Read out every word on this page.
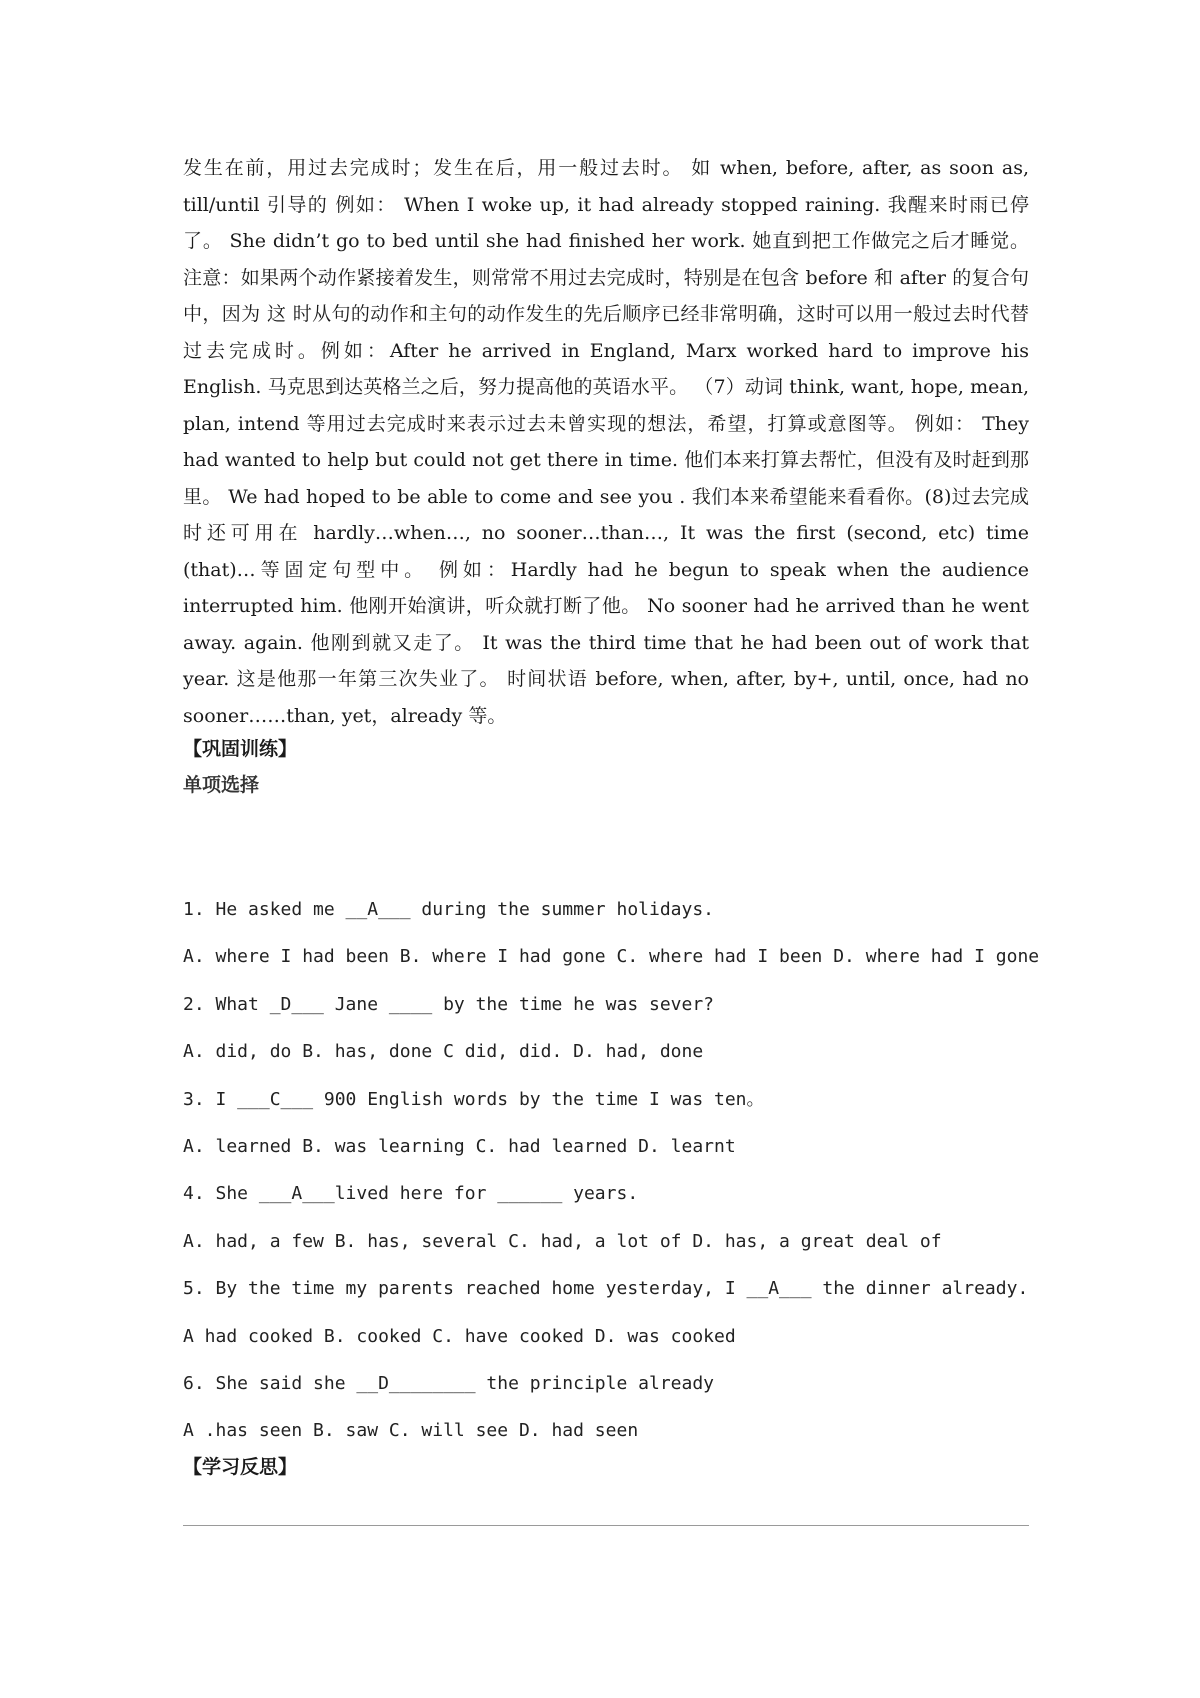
发生在前，用过去完成时；发生在后，用一般过去时。 如 when, before, after, as soon as, till/until 引导的 例如： When I woke up, it had already stopped raining. 我醒来时雨已停了。 She didn’t go to bed until she had finished her work. 她直到把工作做完之后才睡觉。 注意：如果两个动作紧接着发生，则常常不用过去完成时，特别是在包含 before 和 after 的复合句中，因为 这 时从句的动作和主句的动作发生的先后顺序已经非常明确，这时可以用一般过去时代替过去完成时。例如：After he arrived in England, Marx worked hard to improve his English. 马克思到达英格兰之后，努力提高他的英语水平。 （7）动词 think, want, hope, mean, plan, intend 等用过去完成时来表示过去未曾实现的想法，希望，打算或意图等。 例如： They had wanted to help but could not get there in time. 他们本来打算去帮忙，但没有及时赶到那里。 We had hoped to be able to come and see you . 我们本来希望能来看看你。(8)过去完成时还可用在 hardly…when…, no sooner…than…, It was the first (second, etc) time (that)…等固定句型中。 例如：Hardly had he begun to speak when the audience interrupted him. 他刚开始演讲，听众就打断了他。 No sooner had he arrived than he went away. again. 他刚到就又走了。 It was the third time that he had been out of work that year. 这是他那一年第三次失业了。 时间状语 before, when, after, by+, until, once, had no sooner……than, yet，already 等。

【巩固训练】
单项选择
1. He asked me __A___ during the summer holidays.
A. where I had been B. where I had gone C. where had I been D. where had I gone
2. What _D___ Jane ____ by the time he was sever?
A. did, do B. has, done C did, did. D. had, done
3. I ___C___ 900 English words by the time I was ten。
A. learned B. was learning C. had learned D. learnt
4. She ___A___lived here for ______ years.
A. had, a few B. has, several C. had, a lot of D. has, a great deal of
5. By the time my parents reached home yesterday, I __A___ the dinner already.
A had cooked B. cooked C. have cooked D. was cooked
6. She said she __D________ the principle already
A .has seen B. saw C. will see D. had seen
【学习反思】
